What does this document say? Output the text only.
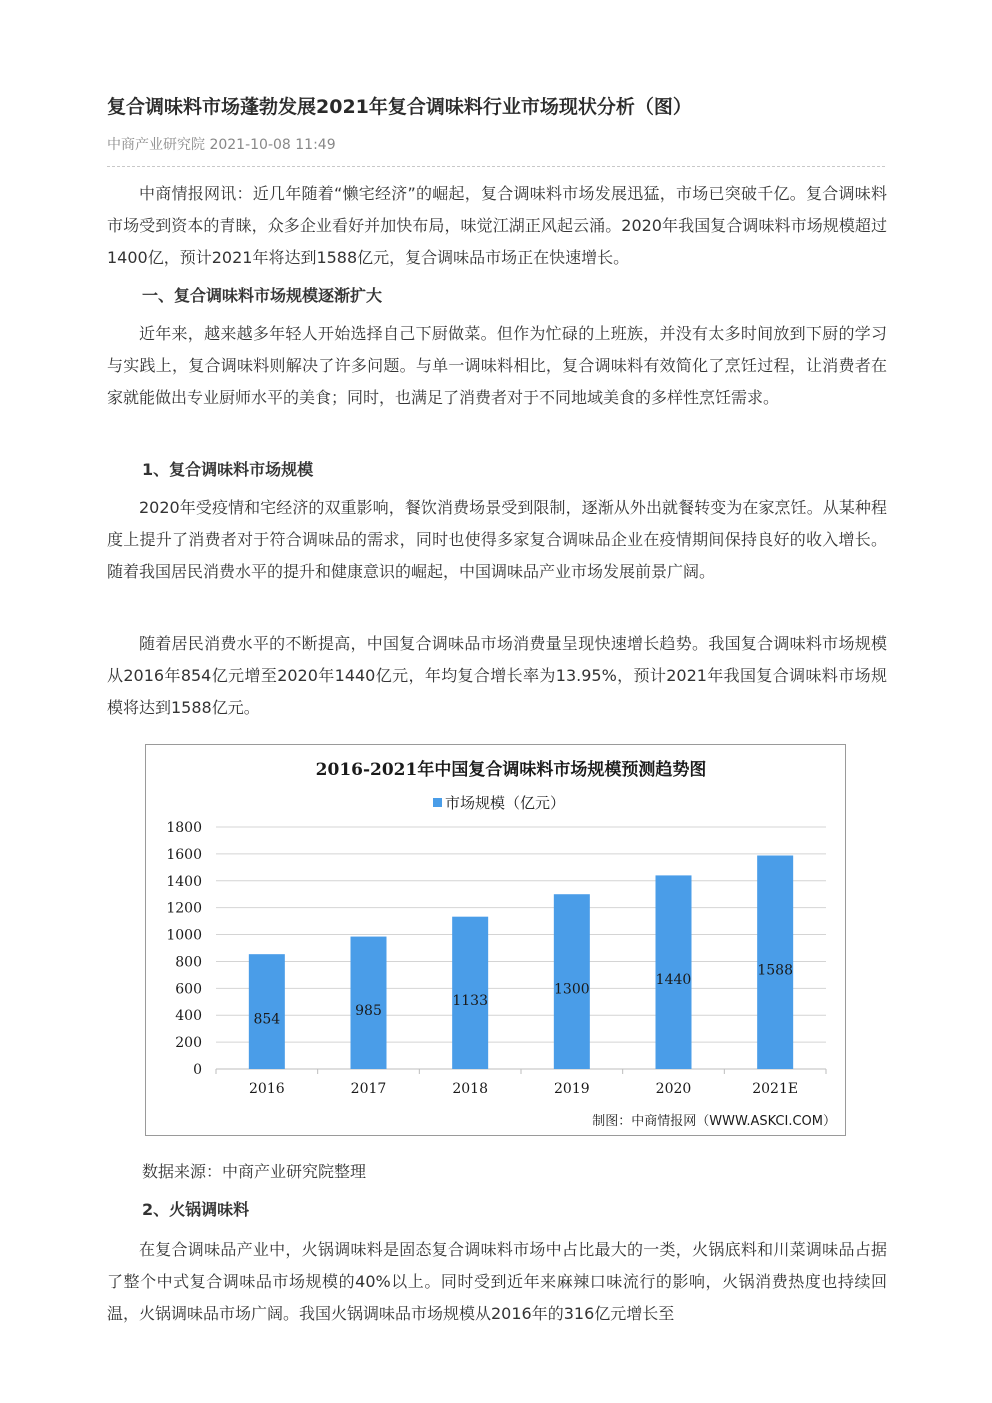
复合调味料市场蓬勃发展2021年复合调味料行业市场现状分析（图）
中商产业研究院 2021-10-08 11:49

中商情报网讯：近几年随着“懒宅经济”的崛起，复合调味料市场发展迅猛，市场已突破千亿。复合调味料市场受到资本的青睐，众多企业看好并加快布局，味觉江湖正风起云涌。2020年我国复合调味料市场规模超过1400亿，预计2021年将达到1588亿元，复合调味品市场正在快速增长。

一、复合调味料市场规模逐渐扩大

近年来，越来越多年轻人开始选择自己下厨做菜。但作为忙碌的上班族，并没有太多时间放到下厨的学习与实践上，复合调味料则解决了许多问题。与单一调味料相比，复合调味料有效简化了烹饪过程，让消费者在家就能做出专业厨师水平的美食；同时，也满足了消费者对于不同地域美食的多样性烹饪需求。

1、复合调味料市场规模

2020年受疫情和宅经济的双重影响，餐饮消费场景受到限制，逐渐从外出就餐转变为在家烹饪。从某种程度上提升了消费者对于符合调味品的需求，同时也使得多家复合调味品企业在疫情期间保持良好的收入增长。随着我国居民消费水平的提升和健康意识的崛起，中国调味品产业市场发展前景广阔。

随着居民消费水平的不断提高，中国复合调味品市场消费量呈现快速增长趋势。我国复合调味料市场规模从2016年854亿元增至2020年1440亿元，年均复合增长率为13.95%，预计2021年我国复合调味料市场规模将达到1588亿元。

2016-2021年中国复合调味料市场规模预测趋势图
市场规模（亿元）
0
200
400
600
800
1000
1200
1400
1600
1800
854
2016
985
2017
1133
2018
1300
2019
1440
2020
1588
2021E
制图：中商情报网（WWW.ASKCI.COM）
数据来源：中商产业研究院整理
2、火锅调味料

在复合调味品产业中，火锅调味料是固态复合调味料市场中占比最大的一类，火锅底料和川菜调味品占据了整个中式复合调味品市场规模的40%以上。同时受到近年来麻辣口味流行的影响，火锅消费热度也持续回温，火锅调味品市场广阔。我国火锅调味品市场规模从2016年的316亿元增长至
